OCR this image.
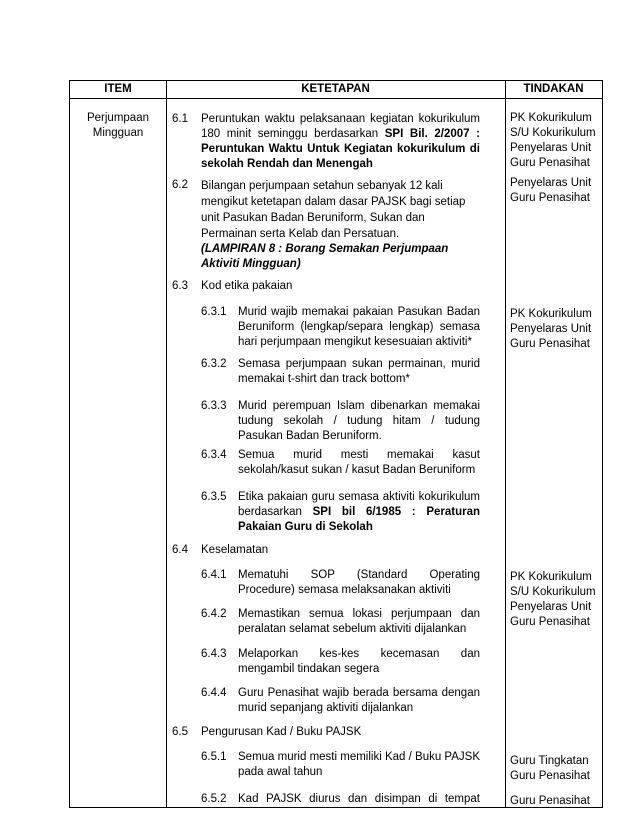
ITEM	KETETAPAN	TINDAKAN
Perjumpaan
Mingguan
6.1 Peruntukan waktu pelaksanaan kegiatan kokurikulum 180 minit seminggu berdasarkan SPI Bil. 2/2007 : Peruntukan Waktu Untuk Kegiatan kokurikulum di sekolah Rendah dan Menengah
PK Kokurikulum
S/U Kokurikulum
Penyelaras Unit
Guru Penasihat
6.2 Bilangan perjumpaan setahun sebanyak 12 kali
mengikut ketetapan dalam dasar PAJSK bagi setiap
unit Pasukan Badan Beruniform, Sukan dan
Permainan serta Kelab dan Persatuan.
(LAMPIRAN 8 : Borang Semakan Perjumpaan Aktiviti Mingguan)
Penyelaras Unit
Guru Penasihat
6.3 Kod etika pakaian
6.3.1 Murid wajib memakai pakaian Pasukan Badan Beruniform (lengkap/separa lengkap) semasa hari perjumpaan mengikut kesesuaian aktiviti*
6.3.2 Semasa perjumpaan sukan permainan, murid memakai t-shirt dan track bottom*
6.3.3 Murid perempuan Islam dibenarkan memakai tudung sekolah / tudung hitam / tudung Pasukan Badan Beruniform.
6.3.4 Semua murid mesti memakai kasut sekolah/kasut sukan / kasut Badan Beruniform
6.3.5 Etika pakaian guru semasa aktiviti kokurikulum berdasarkan SPI bil 6/1985 : Peraturan Pakaian Guru di Sekolah
PK Kokurikulum
Penyelaras Unit
Guru Penasihat
6.4 Keselamatan
6.4.1 Mematuhi SOP (Standard Operating Procedure) semasa melaksanakan aktiviti
6.4.2 Memastikan semua lokasi perjumpaan dan peralatan selamat sebelum aktiviti dijalankan
6.4.3 Melaporkan kes-kes kecemasan dan mengambil tindakan segera
6.4.4 Guru Penasihat wajib berada bersama dengan murid sepanjang aktiviti dijalankan
PK Kokurikulum
S/U Kokurikulum
Penyelaras Unit
Guru Penasihat
6.5 Pengurusan Kad / Buku PAJSK
6.5.1 Semua murid mesti memiliki Kad / Buku PAJSK pada awal tahun
6.5.2 Kad PAJSK diurus dan disimpan di tempat
Guru Tingkatan
Guru Penasihat
Guru Penasihat
